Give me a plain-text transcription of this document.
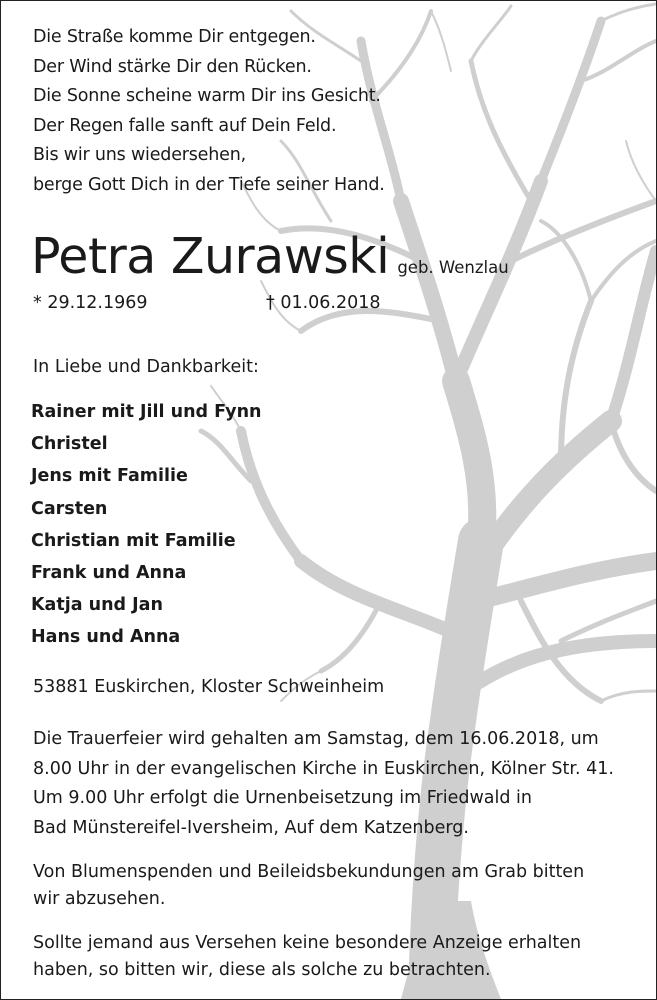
Die Straße komme Dir entgegen.
Der Wind stärke Dir den Rücken.
Die Sonne scheine warm Dir ins Gesicht.
Der Regen falle sanft auf Dein Feld.
Bis wir uns wiedersehen,
berge Gott Dich in der Tiefe seiner Hand.
Petra Zurawski geb. Wenzlau
* 29.12.1969	† 01.06.2018
In Liebe und Dankbarkeit:
Rainer mit Jill und Fynn
Christel
Jens mit Familie
Carsten
Christian mit Familie
Frank und Anna
Katja und Jan
Hans und Anna
53881 Euskirchen, Kloster Schweinheim
Die Trauerfeier wird gehalten am Samstag, dem 16.06.2018, um
8.00 Uhr in der evangelischen Kirche in Euskirchen, Kölner Str. 41.
Um 9.00 Uhr erfolgt die Urnenbeisetzung im Friedwald in
Bad Münstereifel-Iversheim, Auf dem Katzenberg.
Von Blumenspenden und Beileidsbekundungen am Grab bitten
wir abzusehen.
Sollte jemand aus Versehen keine besondere Anzeige erhalten
haben, so bitten wir, diese als solche zu betrachten.
